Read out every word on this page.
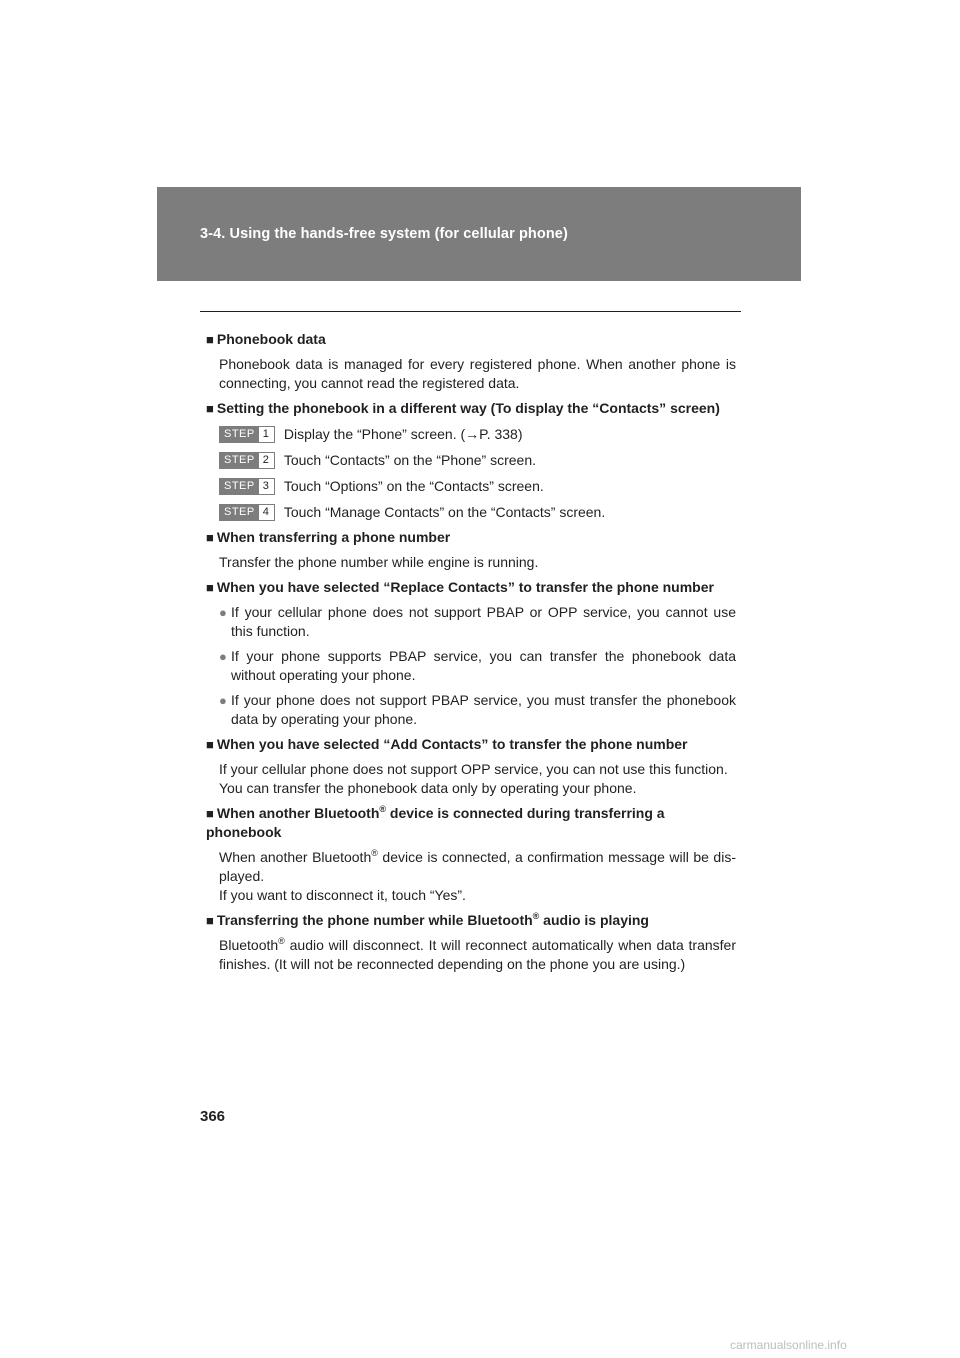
3-4. Using the hands-free system (for cellular phone)
■ Phonebook data
Phonebook data is managed for every registered phone. When another phone is connecting, you cannot read the registered data.
■ Setting the phonebook in a different way (To display the “Contacts” screen)
STEP 1	Display the “Phone” screen. (→P. 338)
STEP 2	Touch “Contacts” on the “Phone” screen.
STEP 3	Touch “Options” on the “Contacts” screen.
STEP 4	Touch “Manage Contacts” on the “Contacts” screen.
■ When transferring a phone number
Transfer the phone number while engine is running.
■ When you have selected “Replace Contacts” to transfer the phone number
● If your cellular phone does not support PBAP or OPP service, you cannot use this function.
● If your phone supports PBAP service, you can transfer the phonebook data without operating your phone.
● If your phone does not support PBAP service, you must transfer the phonebook data by operating your phone.
■ When you have selected “Add Contacts” to transfer the phone number
If your cellular phone does not support OPP service, you can not use this function.
You can transfer the phonebook data only by operating your phone.
■ When another Bluetooth® device is connected during transferring a phonebook
When another Bluetooth® device is connected, a confirmation message will be dis-played.
If you want to disconnect it, touch “Yes”.
■ Transferring the phone number while Bluetooth® audio is playing
Bluetooth® audio will disconnect. It will reconnect automatically when data transfer finishes. (It will not be reconnected depending on the phone you are using.)
366
carmanualsonline.info
